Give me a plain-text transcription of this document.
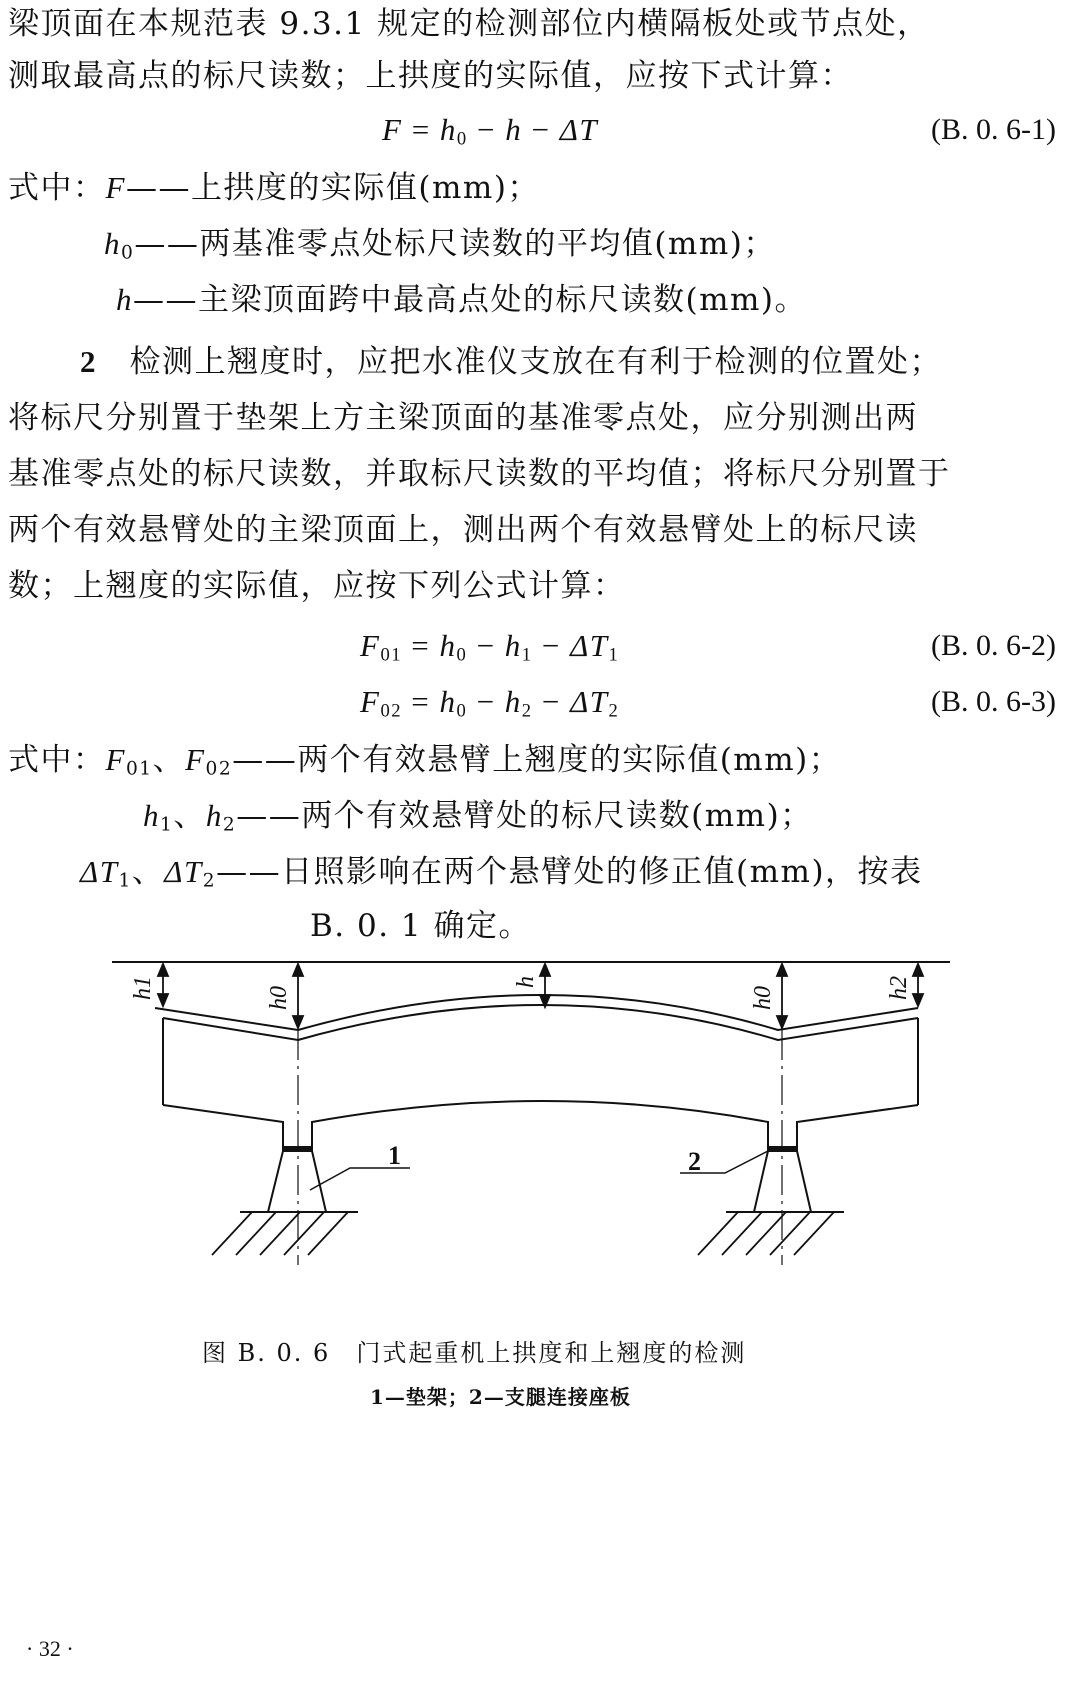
梁顶面在本规范表 9.3.1 规定的检测部位内横隔板处或节点处，
测取最高点的标尺读数；上拱度的实际值，应按下式计算：
$F = h_0 - h - \Delta T$	(B. 0. 6-1)
式中：F——上拱度的实际值(mm)；
$h_0——$两基准零点处标尺读数的平均值(mm)；
h——主梁顶面跨中最高点处的标尺读数(mm)。
2　 检测上翘度时，应把水准仪支放在有利于检测的位置处；
将标尺分别置于垫架上方主梁顶面的基准零点处，应分别测出两
基准零点处的标尺读数，并取标尺读数的平均值；将标尺分别置于
两个有效悬臂处的主梁顶面上，测出两个有效悬臂处上的标尺读
数；上翘度的实际值，应按下列公式计算：
$F_{01} = h_0 - h_1 - \Delta T_1$	(B. 0. 6-2)
$F_{02} = h_0 - h_2 - \Delta T_2$	(B. 0. 6-3)
式中：$F_{01}$、$F_{02}——$两个有效悬臂上翘度的实际值(mm)；
$h_1$、$h_2——$两个有效悬臂处的标尺读数(mm)；
$\Delta T_1$、$\Delta T_2——$日照影响在两个悬臂处的修正值(mm)，按表
B. 0. 1 确定。
h1	h0
h
h0	h2
1	2
图 B. 0. 6　门式起重机上拱度和上翘度的检测
1—垫架；2—支腿连接座板
· 32 ·
